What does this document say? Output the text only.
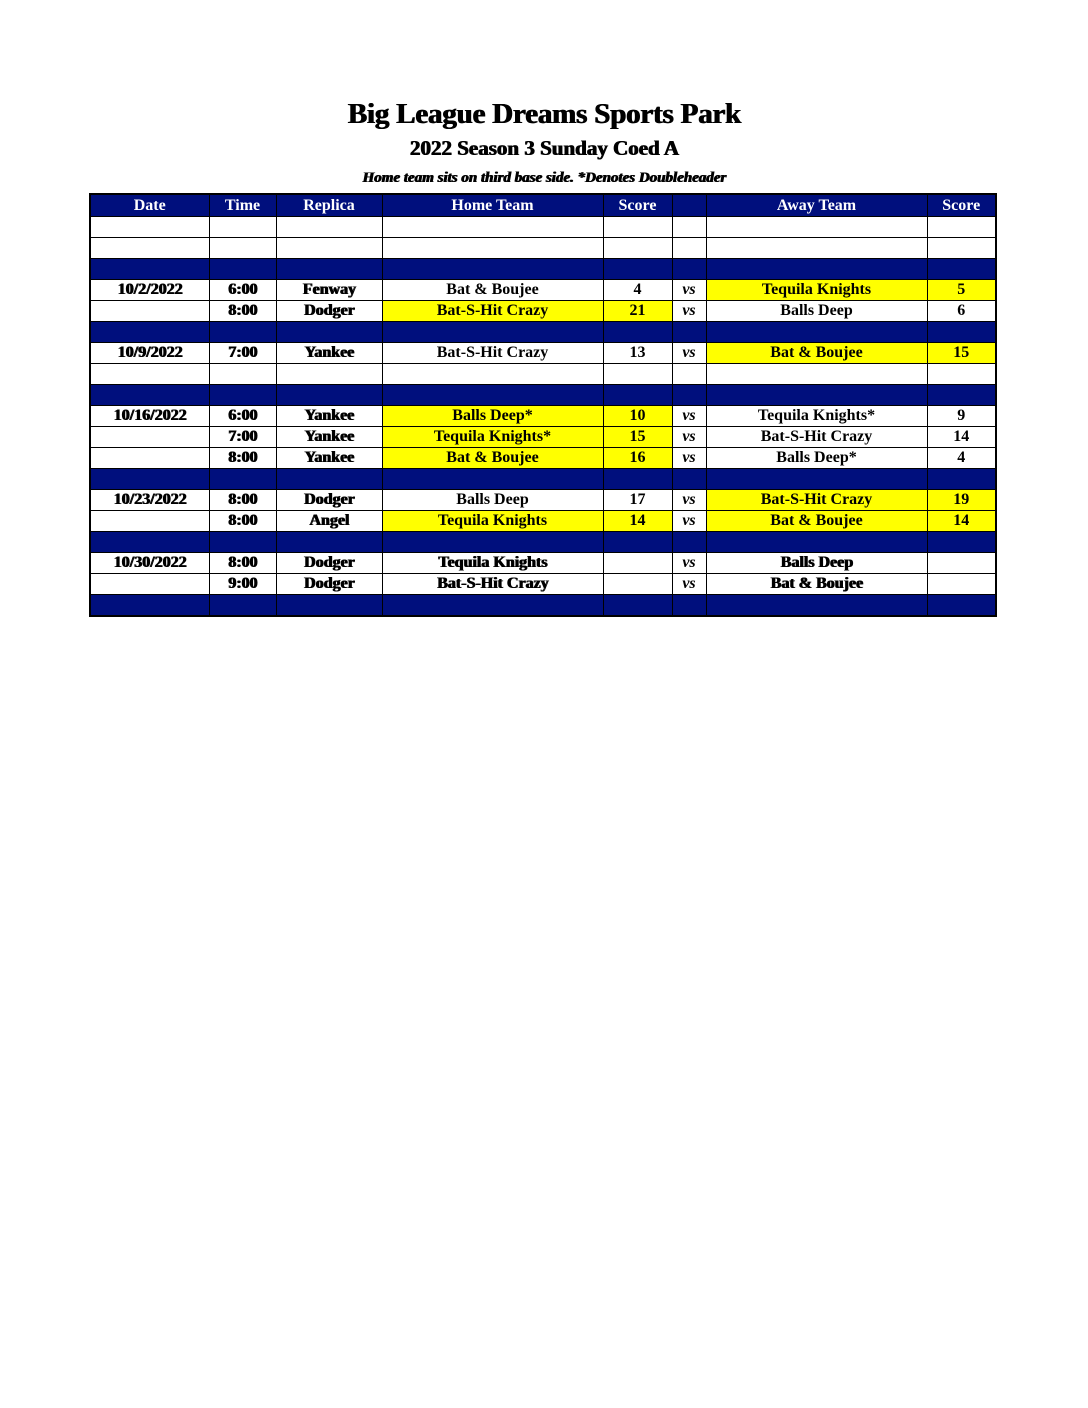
Big League Dreams Sports Park
2022 Season 3 Sunday Coed A
Home team sits on third base side. *Denotes Doubleheader
Date	Time	Replica	Home Team	Score		Away Team	Score

10/2/2022	6:00	Fenway	Bat & Boujee	4	vs	Tequila Knights	5
	8:00	Dodger	Bat-S-Hit Crazy	21	vs	Balls Deep	6

10/9/2022	7:00	Yankee	Bat-S-Hit Crazy	13	vs	Bat & Boujee	15

10/16/2022	6:00	Yankee	Balls Deep*	10	vs	Tequila Knights*	9
	7:00	Yankee	Tequila Knights*	15	vs	Bat-S-Hit Crazy	14
	8:00	Yankee	Bat & Boujee	16	vs	Balls Deep*	4

10/23/2022	8:00	Dodger	Balls Deep	17	vs	Bat-S-Hit Crazy	19
	8:00	Angel	Tequila Knights	14	vs	Bat & Boujee	14

10/30/2022	8:00	Dodger	Tequila Knights		vs	Balls Deep	
	9:00	Dodger	Bat-S-Hit Crazy		vs	Bat & Boujee	
